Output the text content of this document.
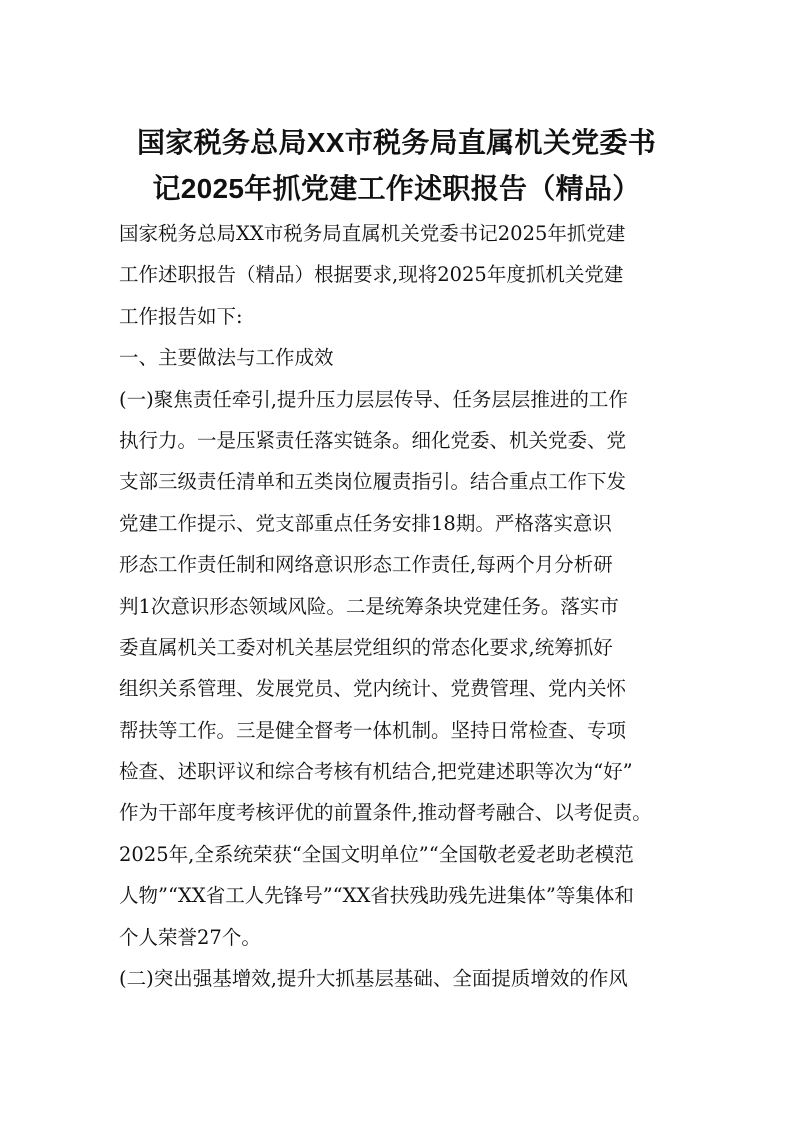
国家税务总局XX市税务局直属机关党委书
记2025年抓党建工作述职报告（精品）
国家税务总局XX市税务局直属机关党委书记2025年抓党建
工作述职报告（精品）根据要求,现将2025年度抓机关党建
工作报告如下:
一、主要做法与工作成效
(一)聚焦责任牵引,提升压力层层传导、任务层层推进的工作
执行力。一是压紧责任落实链条。细化党委、机关党委、党
支部三级责任清单和五类岗位履责指引。结合重点工作下发
党建工作提示、党支部重点任务安排18期。严格落实意识
形态工作责任制和网络意识形态工作责任,每两个月分析研
判1次意识形态领域风险。二是统筹条块党建任务。落实市
委直属机关工委对机关基层党组织的常态化要求,统筹抓好
组织关系管理、发展党员、党内统计、党费管理、党内关怀
帮扶等工作。三是健全督考一体机制。坚持日常检查、专项
检查、述职评议和综合考核有机结合,把党建述职等次为“好”
作为干部年度考核评优的前置条件,推动督考融合、以考促责。
2025年,全系统荣获“全国文明单位”“全国敬老爱老助老模范
人物”“XX省工人先锋号”“XX省扶残助残先进集体”等集体和
个人荣誉27个。
(二)突出强基增效,提升大抓基层基础、全面提质增效的作风
